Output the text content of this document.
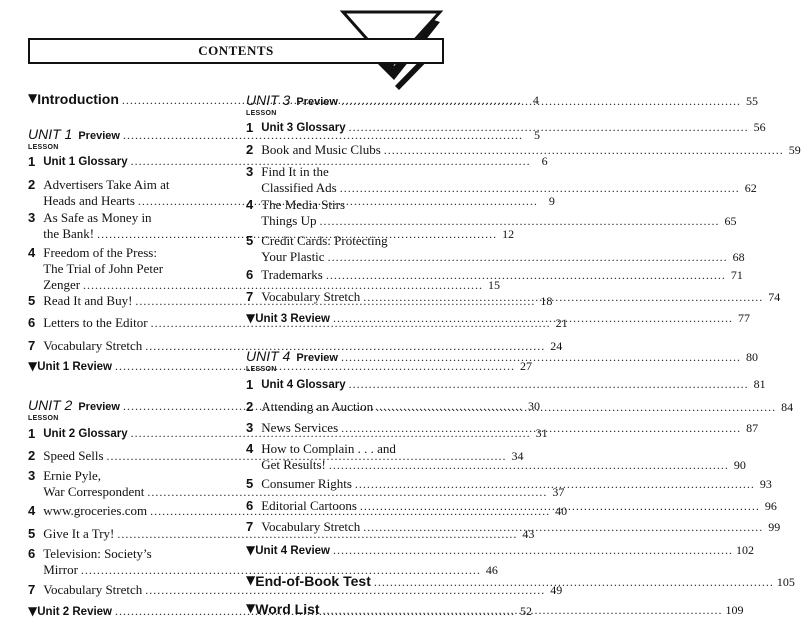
CONTENTS
▼ Introduction .....	4
UNIT 1 Preview .....	5
LESSON
1 Unit 1 Glossary .....	6
2 Advertisers Take Aim at
Heads and Hearts .....	9
3 As Safe as Money in
the Bank! .....	12
4 Freedom of the Press:
The Trial of John Peter
Zenger .....	15
5 Read It and Buy! .....	18
6 Letters to the Editor .....	21
7 Vocabulary Stretch .....	24
▼ Unit 1 Review .....	27
UNIT 2 Preview .....	30
LESSON
1 Unit 2 Glossary .....	31
2 Speed Sells .....	34
3 Ernie Pyle,
War Correspondent .....	37
4 www.groceries.com .....	40
5 Give It a Try! .....	43
6 Television: Society’s
Mirror .....	46
7 Vocabulary Stretch .....	49
▼ Unit 2 Review .....	52
UNIT 3 Preview .....	55
LESSON
1 Unit 3 Glossary .....	56
2 Book and Music Clubs .....	59
3 Find It in the
Classified Ads .....	62
4 The Media Stirs
Things Up .....	65
5 Credit Cards: Protecting
Your Plastic .....	68
6 Trademarks .....	71
7 Vocabulary Stretch .....	74
▼ Unit 3 Review .....	77
UNIT 4 Preview .....	80
LESSON
1 Unit 4 Glossary .....	81
2 Attending an Auction .....	84
3 News Services .....	87
4 How to Complain . . . and
Get Results! .....	90
5 Consumer Rights .....	93
6 Editorial Cartoons .....	96
7 Vocabulary Stretch .....	99
▼ Unit 4 Review .....	102
▼ End-of-Book Test .....	105
▼ Word List .....	109
